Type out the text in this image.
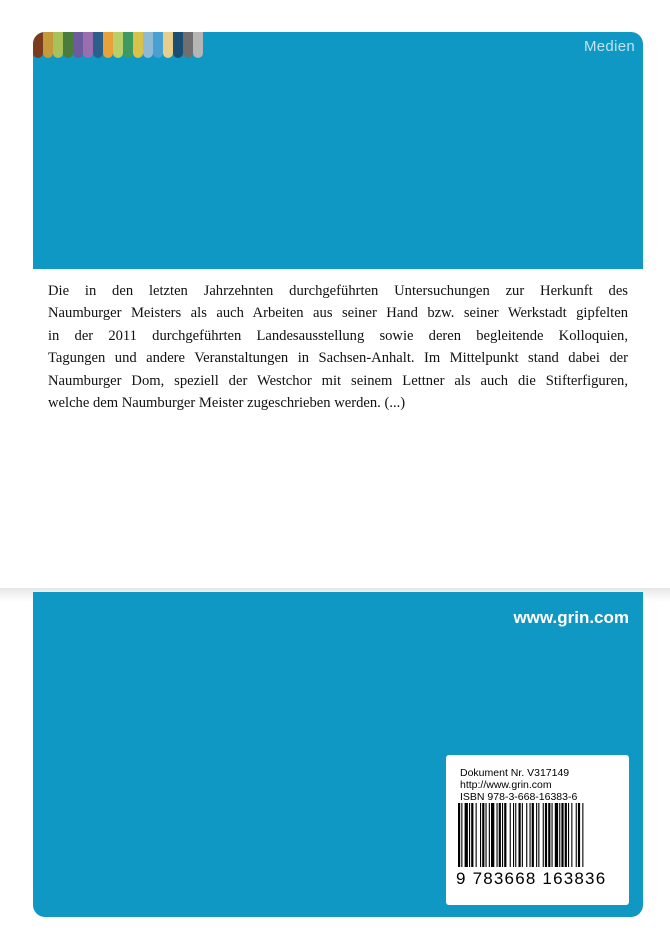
Medien
Die in den letzten Jahrzehnten durchgeführten Untersuchungen zur Herkunft des
Naumburger Meisters als auch Arbeiten aus seiner Hand bzw. seiner Werkstadt gipfelten
in der 2011 durchgeführten Landesausstellung sowie deren begleitende Kolloquien,
Tagungen und andere Veranstaltungen in Sachsen-Anhalt. Im Mittelpunkt stand dabei der
Naumburger Dom, speziell der Westchor mit seinem Lettner als auch die Stifterfiguren,
welche dem Naumburger Meister zugeschrieben werden. (...)
www.grin.com
Dokument Nr. V317149
http://www.grin.com
ISBN 978-3-668-16383-6
9 783668 163836
